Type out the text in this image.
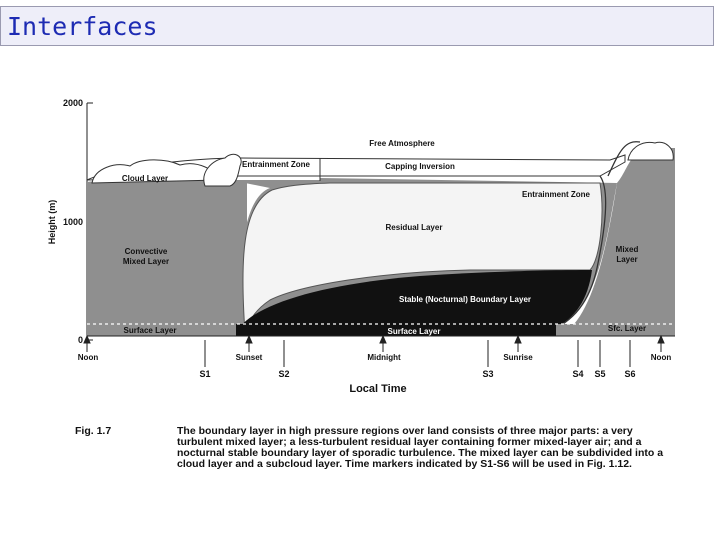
Interfaces
2000
1000
0
Height (m)
Free Atmosphere
Entrainment Zone	Capping Inversion
Entrainment Zone
Cloud Layer
Residual Layer
Convective
Mixed Layer
Mixed
Layer
Stable (Nocturnal) Boundary Layer
Surface Layer	Surface Layer	Sfc. Layer
Noon	Sunset	Midnight	Sunrise	Noon
S1	S2	S3	S4 S5 S6
Local Time
Fig. 1.7	The boundary layer in high pressure regions over land consists of three major parts: a very
turbulent mixed layer; a less-turbulent residual layer containing former mixed-layer air; and a
nocturnal stable boundary layer of sporadic turbulence. The mixed layer can be subdivided into a
cloud layer and a subcloud layer. Time markers indicated by S1-S6 will be used in Fig. 1.12.
